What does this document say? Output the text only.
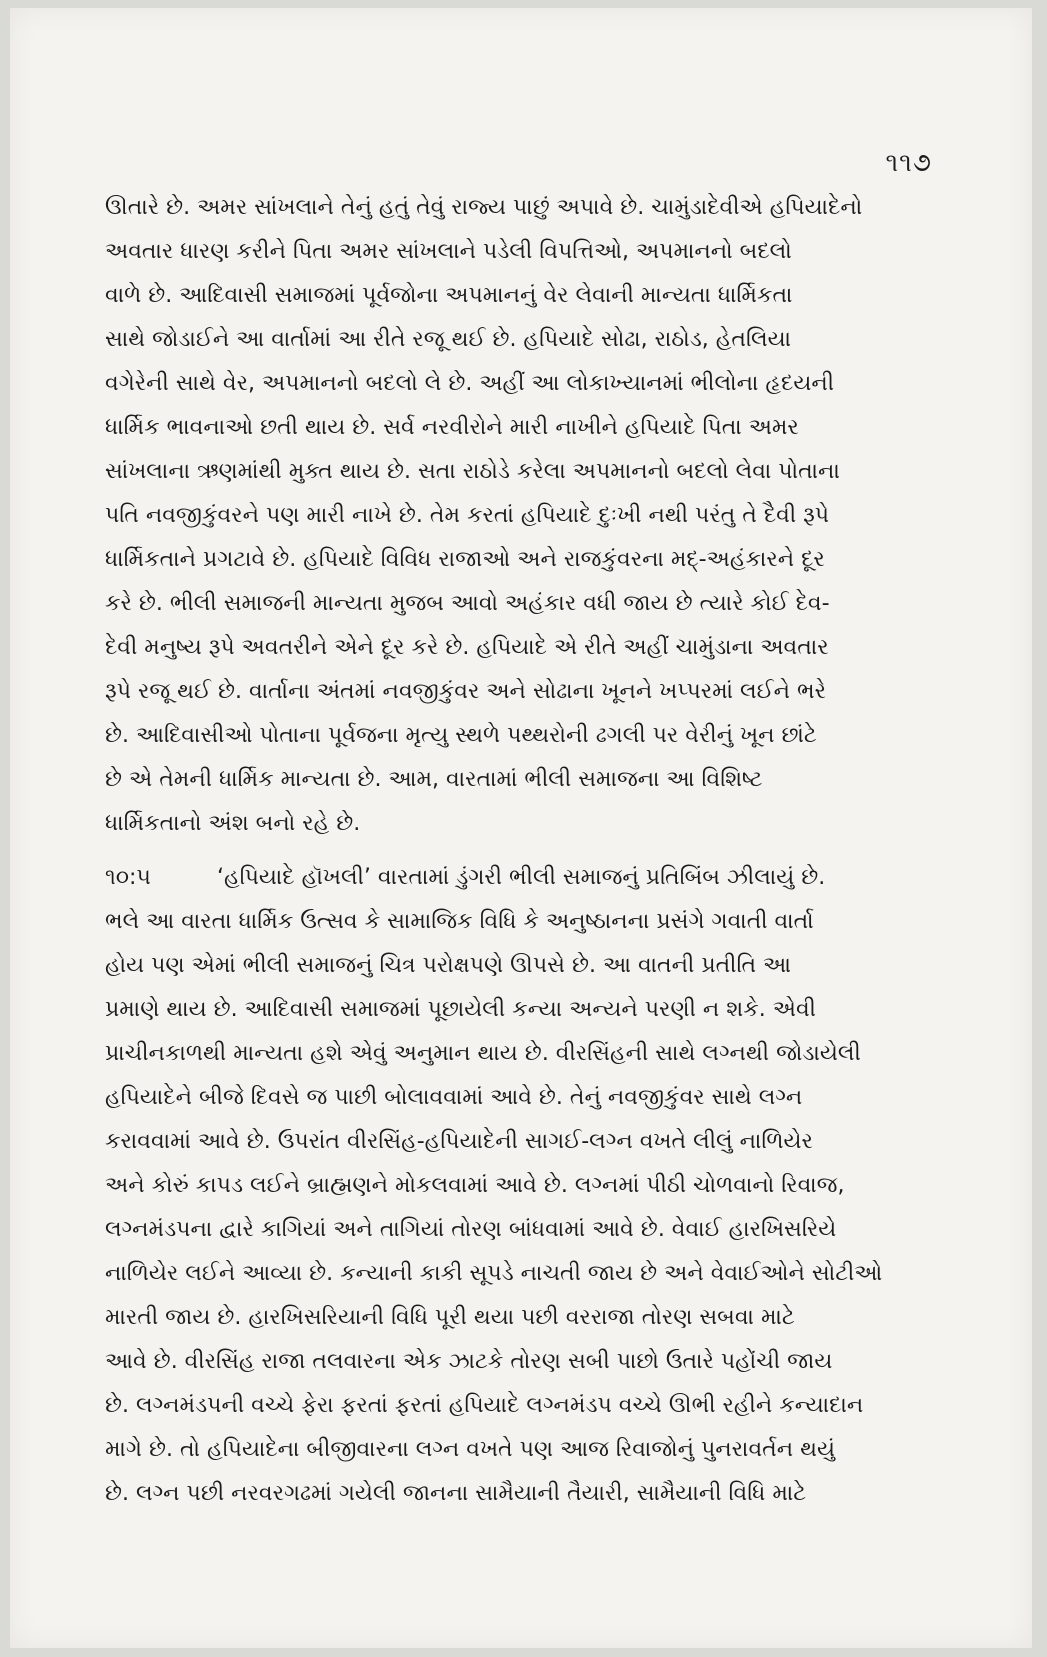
૧૧૭
ઊતારે છે. અમર સાંખલાને તેનું હતું તેવું રાજ્ય પાછું અપાવે છે. ચામુંડાદેવીએ હપિયાદેનો
અવતાર ધારણ કરીને પિતા અમર સાંખલાને પડેલી વિપત્તિઓ, અપમાનનો બદલો
વાળે છે. આદિવાસી સમાજમાં પૂર્વજોના અપમાનનું વેર લેવાની માન્યતા ધાર્મિકતા
સાથે જોડાઈને આ વાર્તામાં આ રીતે રજૂ થઈ છે. હપિયાદે સોઢા, રાઠોડ, હેતલિયા
વગેરેની સાથે વેર, અપમાનનો બદલો લે છે. અહીં આ લોકાખ્યાનમાં ભીલોના હૃદયની
ધાર્મિક ભાવનાઓ છતી થાય છે. સર્વ નરવીરોને મારી નાખીને હપિયાદે પિતા અમર
સાંખલાના ઋણમાંથી મુક્ત થાય છે. સતા રાઠોડે કરેલા અપમાનનો બદલો લેવા પોતાના
પતિ નવજીકુંવરને પણ મારી નાખે છે. તેમ કરતાં હપિયાદે દુઃખી નથી પરંતુ તે દૈવી રૂપે
ધાર્મિકતાને પ્રગટાવે છે. હપિયાદે વિવિધ રાજાઓ અને રાજકુંવરના મદ્-અહંકારને દૂર
કરે છે. ભીલી સમાજની માન્યતા મુજબ આવો અહંકાર વધી જાય છે ત્યારે કોઈ દેવ-
દેવી મનુષ્ય રૂપે અવતરીને એને દૂર કરે છે. હપિયાદે એ રીતે અહીં ચામુંડાના અવતાર
રૂપે રજૂ થઈ છે. વાર્તાના અંતમાં નવજીકુંવર અને સોઢાના ખૂનને ખપ્પરમાં લઈને ભરે
છે. આદિવાસીઓ પોતાના પૂર્વજના મૃત્યુ સ્થળે પથ્થરોની ઢગલી પર વેરીનું ખૂન છાંટે
છે એ તેમની ધાર્મિક માન્યતા છે. આમ, વારતામાં ભીલી સમાજના આ વિશિષ્ટ
ધાર્મિકતાનો અંશ બનો રહે છે.
૧૦:૫	‘હપિયાદે હૉખલી’ વારતામાં ડુંગરી ભીલી સમાજનું પ્રતિબિંબ ઝીલાયું છે.
ભલે આ વારતા ધાર્મિક ઉત્સવ કે સામાજિક વિધિ કે અનુષ્ઠાનના પ્રસંગે ગવાતી વાર્તા
હોય પણ એમાં ભીલી સમાજનું ચિત્ર પરોક્ષપણે ઊપસે છે. આ વાતની પ્રતીતિ આ
પ્રમાણે થાય છે. આદિવાસી સમાજમાં પૂછાયેલી કન્યા અન્યને પરણી ન શકે. એવી
પ્રાચીનકાળથી માન્યતા હશે એવું અનુમાન થાય છે. વીરસિંહની સાથે લગ્નથી જોડાયેલી
હપિયાદેને બીજે દિવસે જ પાછી બોલાવવામાં આવે છે. તેનું નવજીકુંવર સાથે લગ્ન
કરાવવામાં આવે છે. ઉપરાંત વીરસિંહ-હપિયાદેની સાગઈ-લગ્ન વખતે લીલું નાળિયેર
અને કોરું કાપડ લઈને બ્રાહ્મણને મોકલવામાં આવે છે. લગ્નમાં પીઠી ચોળવાનો રિવાજ,
લગ્નમંડપના દ્વારે કાગિયાં અને તાગિયાં તોરણ બાંધવામાં આવે છે. વેવાઈ હારખિસરિયે
નાળિયેર લઈને આવ્યા છે. કન્યાની કાકી સૂપડે નાચતી જાય છે અને વેવાઈઓને સોટીઓ
મારતી જાય છે. હારખિસરિયાની વિધિ પૂરી થયા પછી વરરાજા તોરણ સબવા માટે
આવે છે. વીરસિંહ રાજા તલવારના એક ઝાટકે તોરણ સબી પાછો ઉતારે પહોંચી જાય
છે. લગ્નમંડપની વચ્ચે ફેરા ફરતાં ફરતાં હપિયાદે લગ્નમંડપ વચ્ચે ઊભી રહીને કન્યાદાન
માગે છે. તો હપિયાદેના બીજીવારના લગ્ન વખતે પણ આજ રિવાજોનું પુનરાવર્તન થયું
છે. લગ્ન પછી નરવરગઢમાં ગયેલી જાનના સામૈયાની તૈયારી, સામૈયાની વિધિ માટે
